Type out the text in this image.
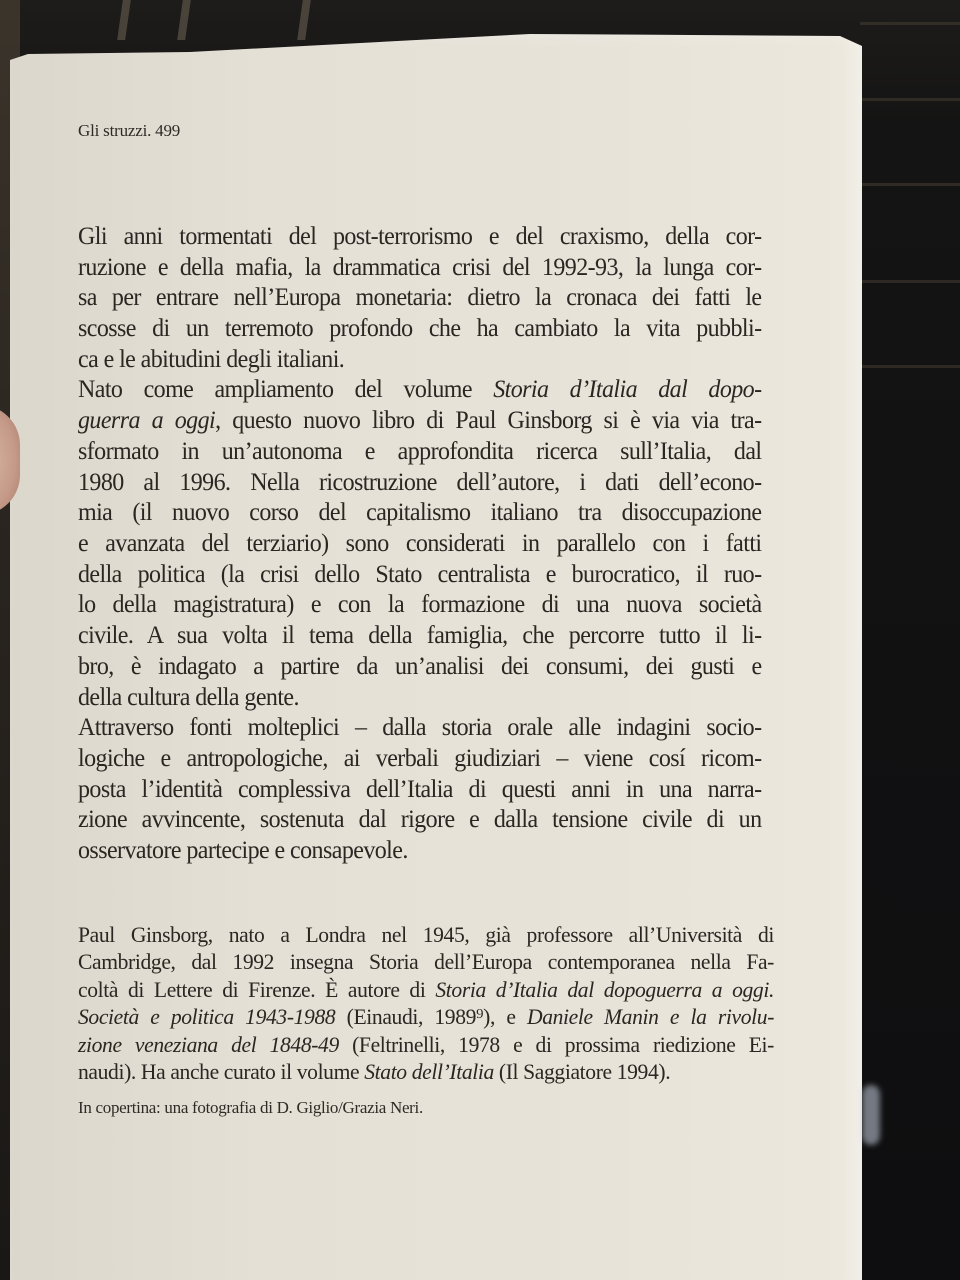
Gli struzzi. 499
Gli anni tormentati del post-terrorismo e del craxismo, della cor-
ruzione e della mafia, la drammatica crisi del 1992-93, la lunga cor-
sa per entrare nell’Europa monetaria: dietro la cronaca dei fatti le
scosse di un terremoto profondo che ha cambiato la vita pubbli-
ca e le abitudini degli italiani.
Nato come ampliamento del volume Storia d’Italia dal dopo-
guerra a oggi, questo nuovo libro di Paul Ginsborg si è via via tra-
sformato in un’autonoma e approfondita ricerca sull’Italia, dal
1980 al 1996. Nella ricostruzione dell’autore, i dati dell’econo-
mia (il nuovo corso del capitalismo italiano tra disoccupazione
e avanzata del terziario) sono considerati in parallelo con i fatti
della politica (la crisi dello Stato centralista e burocratico, il ruo-
lo della magistratura) e con la formazione di una nuova società
civile. A sua volta il tema della famiglia, che percorre tutto il li-
bro, è indagato a partire da un’analisi dei consumi, dei gusti e
della cultura della gente.
Attraverso fonti molteplici – dalla storia orale alle indagini socio-
logiche e antropologiche, ai verbali giudiziari – viene cosí ricom-
posta l’identità complessiva dell’Italia di questi anni in una narra-
zione avvincente, sostenuta dal rigore e dalla tensione civile di un
osservatore partecipe e consapevole.
Paul Ginsborg, nato a Londra nel 1945, già professore all’Università di
Cambridge, dal 1992 insegna Storia dell’Europa contemporanea nella Fa-
coltà di Lettere di Firenze. È autore di Storia d’Italia dal dopoguerra a oggi.
Società e politica 1943-1988 (Einaudi, 1989⁹), e Daniele Manin e la rivolu-
zione veneziana del 1848-49 (Feltrinelli, 1978 e di prossima riedizione Ei-
naudi). Ha anche curato il volume Stato dell’Italia (Il Saggiatore 1994).
In copertina: una fotografia di D. Giglio/Grazia Neri.
